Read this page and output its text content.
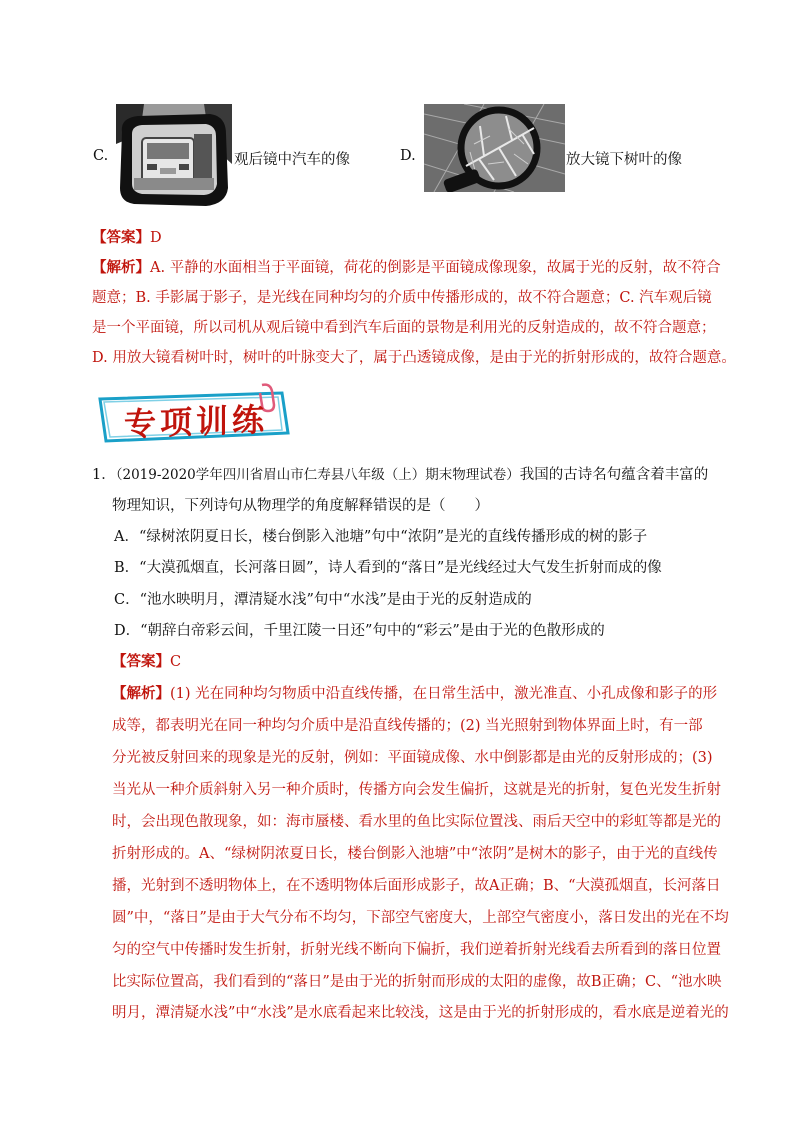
C.	观后镜中汽车的像	D.	放大镜下树叶的像
【答案】D
【解析】A. 平静的水面相当于平面镜，荷花的倒影是平面镜成像现象，故属于光的反射，故不符合
题意；B. 手影属于影子，是光线在同种均匀的介质中传播形成的，故不符合题意；C. 汽车观后镜
是一个平面镜，所以司机从观后镜中看到汽车后面的景物是利用光的反射造成的，故不符合题意；
D. 用放大镜看树叶时，树叶的叶脉变大了，属于凸透镜成像，是由于光的折射形成的，故符合题意。
专项训练
1．（2019-2020学年四川省眉山市仁寿县八年级（上）期末物理试卷）我国的古诗名句蕴含着丰富的
物理知识，下列诗句从物理学的角度解释错误的是（　　）
A．“绿树浓阴夏日长，楼台倒影入池塘”句中“浓阴”是光的直线传播形成的树的影子
B．“大漠孤烟直，长河落日圆”，诗人看到的“落日”是光线经过大气发生折射而成的像
C．“池水映明月，潭清疑水浅”句中“水浅”是由于光的反射造成的
D．“朝辞白帝彩云间，千里江陵一日还”句中的“彩云”是由于光的色散形成的
【答案】C
【解析】(1) 光在同种均匀物质中沿直线传播，在日常生活中，激光准直、小孔成像和影子的形
成等，都表明光在同一种均匀介质中是沿直线传播的；(2) 当光照射到物体界面上时，有一部
分光被反射回来的现象是光的反射，例如：平面镜成像、水中倒影都是由光的反射形成的；(3)
当光从一种介质斜射入另一种介质时，传播方向会发生偏折，这就是光的折射，复色光发生折射
时，会出现色散现象，如：海市蜃楼、看水里的鱼比实际位置浅、雨后天空中的彩虹等都是光的
折射形成的。A、“绿树阴浓夏日长，楼台倒影入池塘”中“浓阴”是树木的影子，由于光的直线传
播，光射到不透明物体上，在不透明物体后面形成影子，故A正确；B、“大漠孤烟直，长河落日
圆”中，“落日”是由于大气分布不均匀，下部空气密度大，上部空气密度小，落日发出的光在不均
匀的空气中传播时发生折射，折射光线不断向下偏折，我们逆着折射光线看去所看到的落日位置
比实际位置高，我们看到的“落日”是由于光的折射而形成的太阳的虚像，故B正确；C、“池水映
明月，潭清疑水浅”中“水浅”是水底看起来比较浅，这是由于光的折射形成的，看水底是逆着光的
